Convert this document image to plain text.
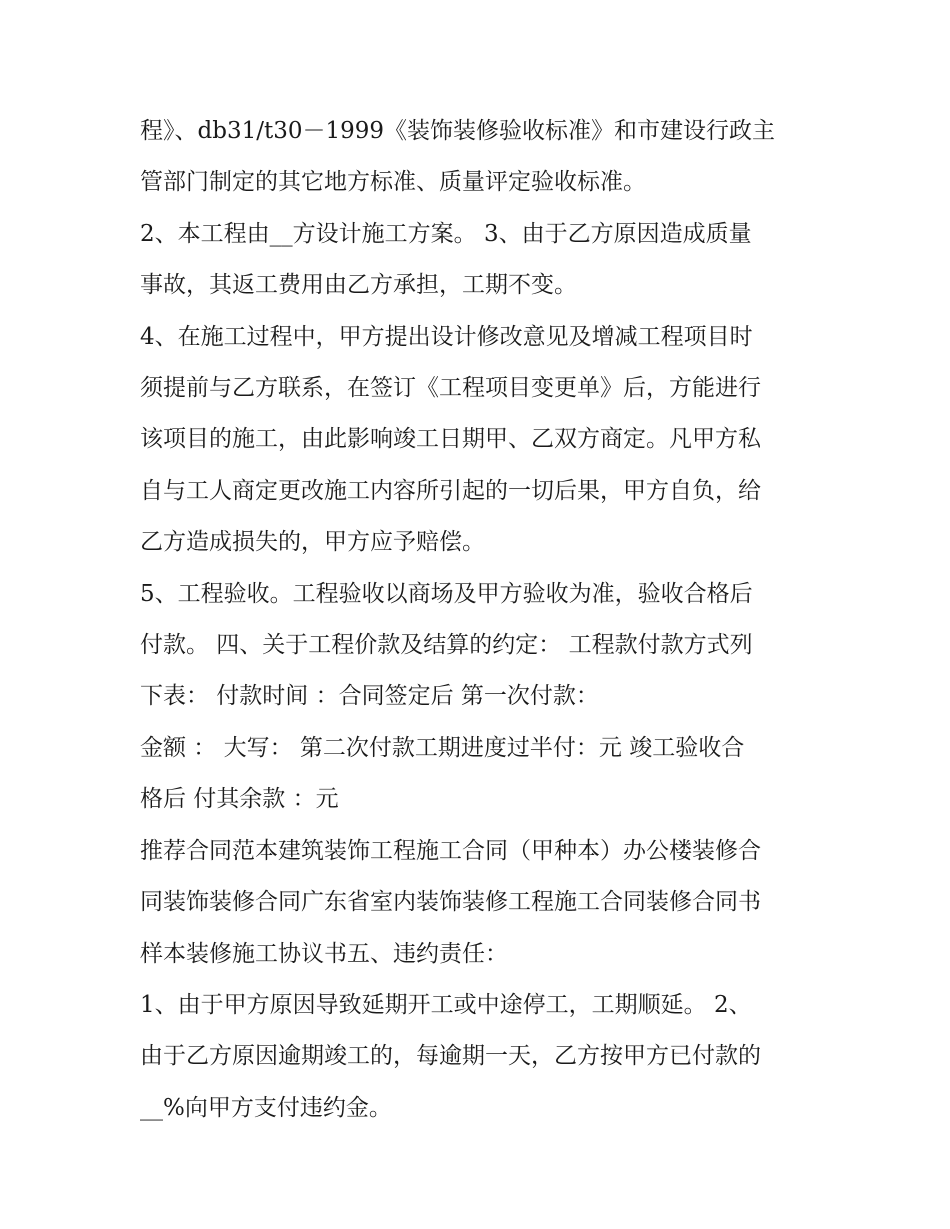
程》、db31/t30－1999《装饰装修验收标准》和市建设行政主

管部门制定的其它地方标准、质量评定验收标准。

2、本工程由__方设计施工方案。 3、由于乙方原因造成质量

事故，其返工费用由乙方承担，工期不变。

4、在施工过程中，甲方提出设计修改意见及增减工程项目时

须提前与乙方联系，在签订《工程项目变更单》后，方能进行

该项目的施工，由此影响竣工日期甲、乙双方商定。凡甲方私

自与工人商定更改施工内容所引起的一切后果，甲方自负，给

乙方造成损失的，甲方应予赔偿。

5、工程验收。工程验收以商场及甲方验收为准，验收合格后

付款。 四、关于工程价款及结算的约定： 工程款付款方式列

下表： 付款时间 ：合同签定后 第一次付款：

金额 ： 大写： 第二次付款工期进度过半付：元 竣工验收合

格后 付其余款 ：元

推荐合同范本建筑装饰工程施工合同（甲种本）办公楼装修合

同装饰装修合同广东省室内装饰装修工程施工合同装修合同书

样本装修施工协议书五、违约责任：

1、由于甲方原因导致延期开工或中途停工，工期顺延。 2、

由于乙方原因逾期竣工的，每逾期一天，乙方按甲方已付款的

__%向甲方支付违约金。
